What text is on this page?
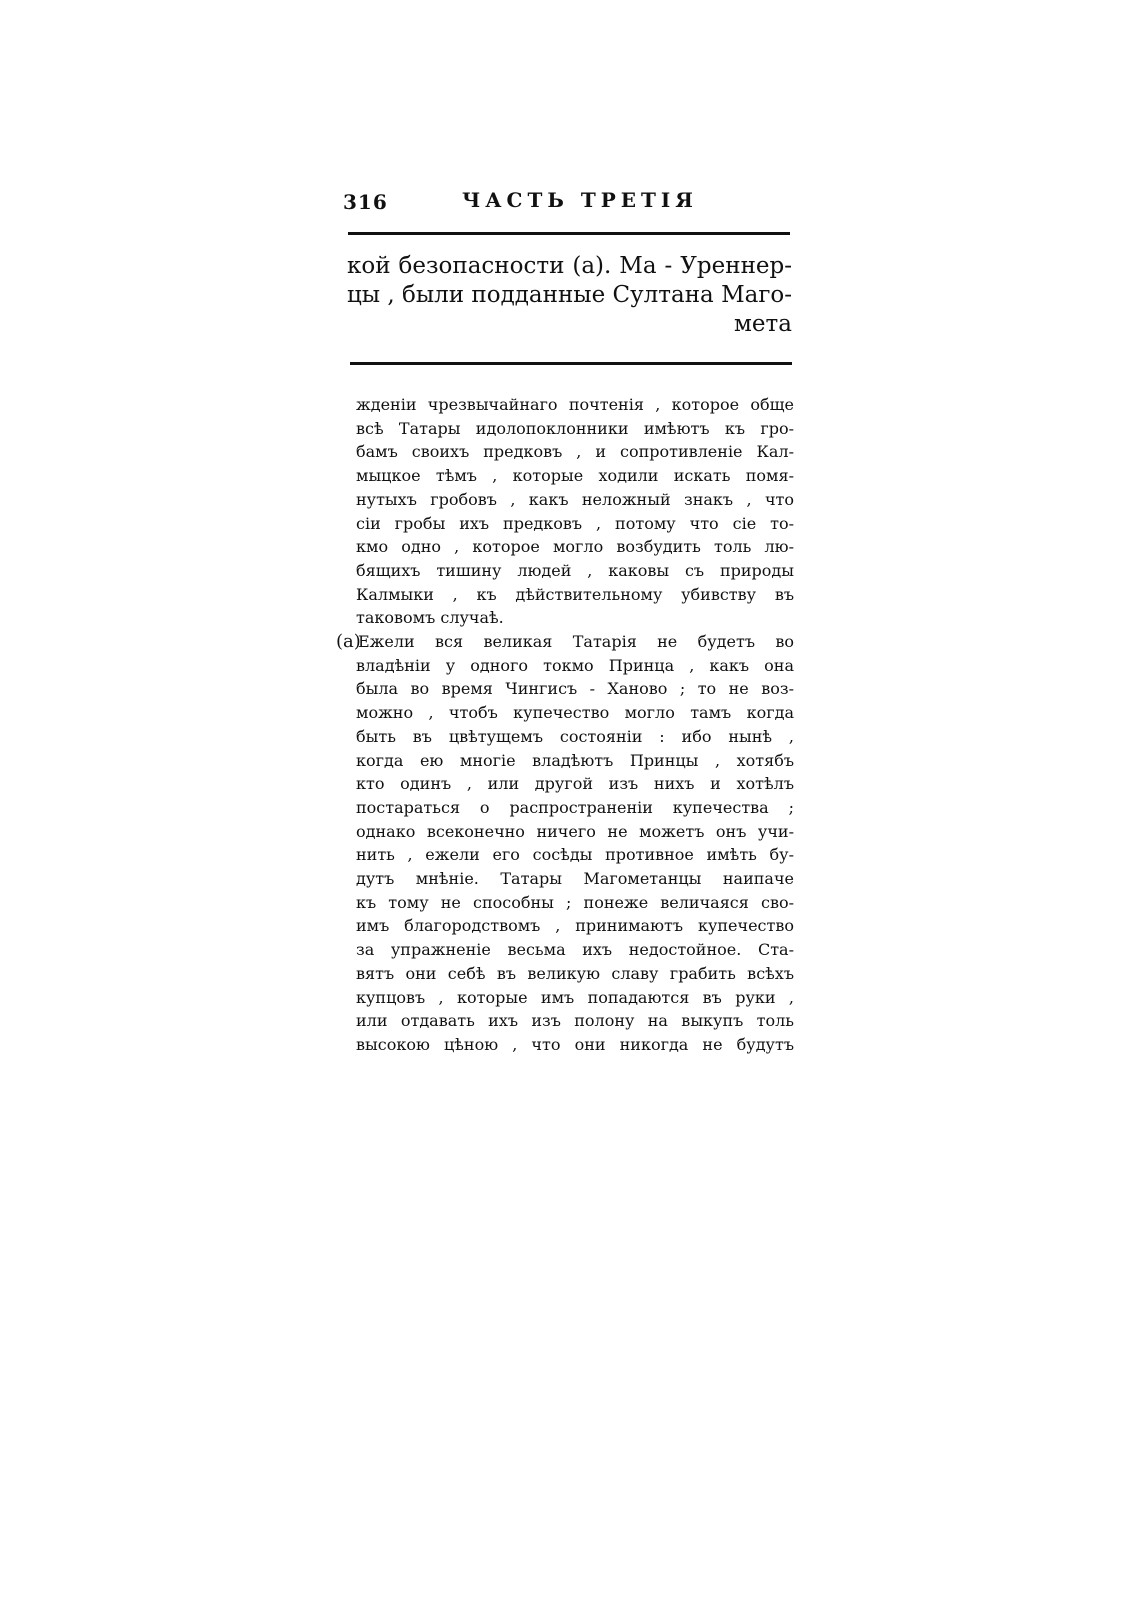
316	ЧАСТЬ ТРЕТІЯ
кой безопасности (а). Ма - Уреннер-
цы , были подданные Султана Маго-
мета
жденіи чрезвычайнаго почтенія , которое обще
всѣ Татары идолопоклонники имѣютъ къ гро-
бамъ своихъ предковъ , и сопротивленіе Кал-
мыцкое тѣмъ , которые ходили искать помя-
нутыхъ гробовъ , какъ неложный знакъ , что
сіи гробы ихъ предковъ , потому что сіе то-
кмо одно , которое могло возбудить толь лю-
бящихъ тишину людей , каковы съ природы
Калмыки , къ дѣйствительному убивству въ
таковомъ случаѣ.
(а)Ежели вся великая Татарія не будетъ во
владѣніи у одного токмо Принца , какъ она
была во время Чингисъ - Ханово ; то не воз-
можно , чтобъ купечество могло тамъ когда
быть въ цвѣтущемъ состояніи : ибо нынѣ ,
когда ею многіе владѣютъ Принцы , хотябъ
кто одинъ , или другой изъ нихъ и хотѣлъ
постараться о распространеніи купечества ;
однако всеконечно ничего не можетъ онъ учи-
нить , ежели его сосѣды противное имѣть бу-
дутъ мнѣніе. Татары Магометанцы наипаче
къ тому не способны ; понеже величаяся сво-
имъ благородствомъ , принимаютъ купечество
за упражненіе весьма ихъ недостойное. Ста-
вятъ они себѣ въ великую славу грабить всѣхъ
купцовъ , которые имъ попадаются въ руки ,
или отдавать ихъ изъ полону на выкупъ толь
высокою цѣною , что они никогда не будутъ
